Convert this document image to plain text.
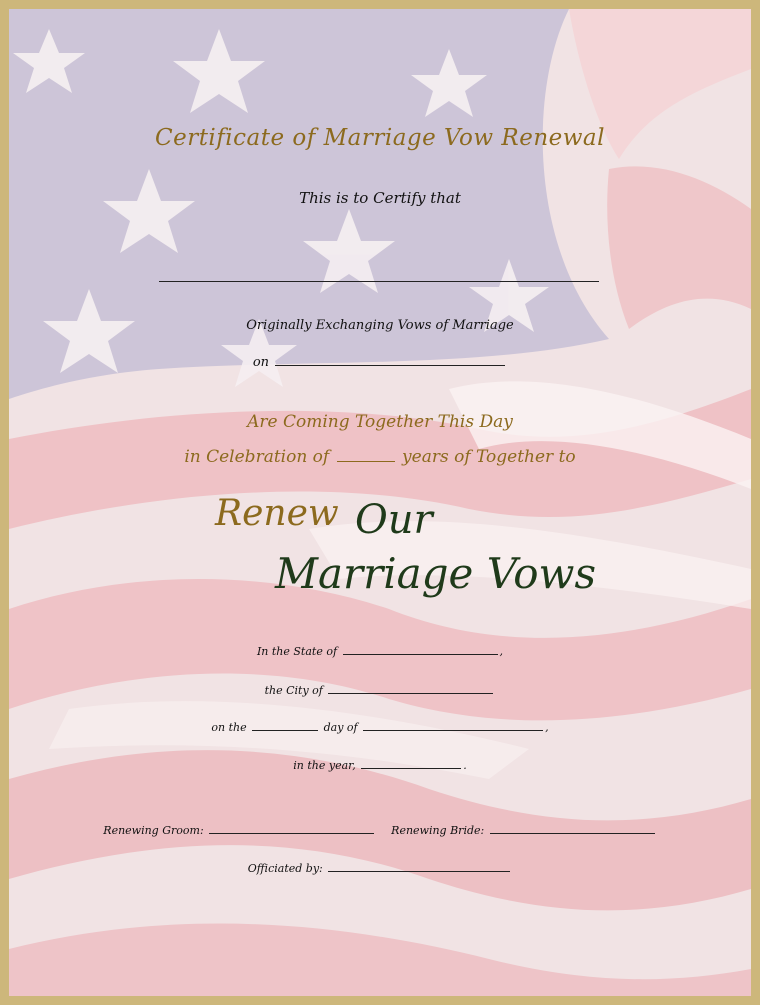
Certificate of Marriage Vow Renewal
This is to Certify that
Originally Exchanging Vows of Marriage
on
Are Coming Together This Day
in Celebration of	years of Together to
Renew Our
Marriage Vows
In the State of	,
the City of
on the	day of	,
in the year,	.
Renewing Groom:	Renewing Bride:
Officiated by:
